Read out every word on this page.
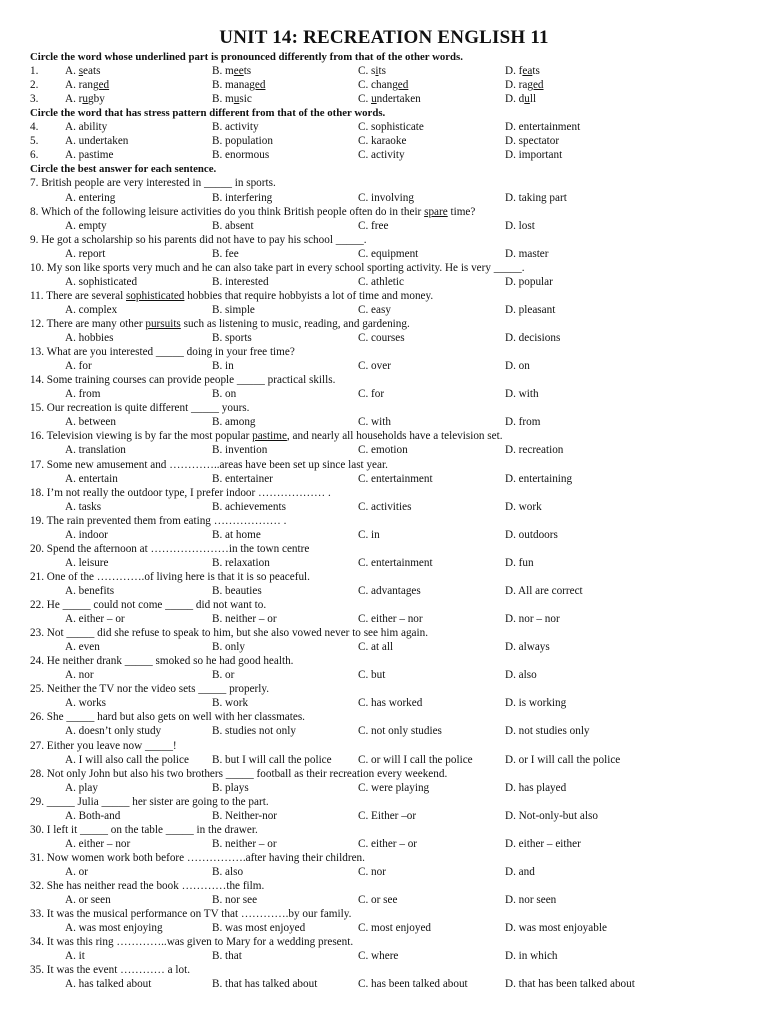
UNIT 14: RECREATION ENGLISH 11
Circle the word whose underlined part is pronounced differently from that of the other words.
1. A. seats	B. meets	C. sits	D. feats
2. A. ranged	B. managed	C. changed	D. raged
3. A. rugby	B. music	C. undertaken	D. dull
Circle the word that has stress pattern different from that of the other words.
4. A. ability	B. activity	C. sophisticate	D. entertainment
5. A. undertaken	B. population	C. karaoke	D. spectator
6. A. pastime	B. enormous	C. activity	D. important
Circle the best answer for each sentence.
7. British people are very interested in _____ in sports.
A. entering	B. interfering	C. involving	D. taking part
8. Which of the following leisure activities do you think British people often do in their spare time?
A. empty	B. absent	C. free	D. lost
9. He got a scholarship so his parents did not have to pay his school _____.
A. report	B. fee	C. equipment	D. master
10. My son like sports very much and he can also take part in every school sporting activity. He is very _____.
A. sophisticated	B. interested	C. athletic	D. popular
11. There are several sophisticated hobbies that require hobbyists a lot of time and money.
A. complex	B. simple	C. easy	D. pleasant
12. There are many other pursuits such as listening to music, reading, and gardening.
A. hobbies	B. sports	C. courses	D. decisions
13. What are you interested _____ doing in your free time?
A. for	B. in	C. over	D. on
14. Some training courses can provide people _____ practical skills.
A. from	B. on	C. for	D. with
15. Our recreation is quite different _____ yours.
A. between	B. among	C. with	D. from
16. Television viewing is by far the most popular pastime, and nearly all households have a television set.
A. translation	B. invention	C. emotion	D. recreation
17. Some new amusement and …………..areas have been set up since last year.
A. entertain	B. entertainer	C. entertainment	D. entertaining
18. I’m not really the outdoor type, I prefer indoor ……………… .
A. tasks	B. achievements	C. activities	D. work
19. The rain prevented them from eating ……………… .
A. indoor	B. at home	C. in	D. outdoors
20. Spend the afternoon at …………………in the town centre
A. leisure	B. relaxation	C. entertainment	D. fun
21. One of the ………….of living here is that it is so peaceful.
A. benefits	B. beauties	C. advantages	D. All are correct
22. He _____ could not come _____ did not want to.
A. either – or	B. neither – or	C. either – nor	D. nor – nor
23. Not _____ did she refuse to speak to him, but she also vowed never to see him again.
A. even	B. only	C. at all	D. always
24. He neither drank _____ smoked so he had good health.
A. nor	B. or	C. but	D. also
25. Neither the TV nor the video sets _____ properly.
A. works	B. work	C. has worked	D. is working
26. She _____ hard but also gets on well with her classmates.
A. doesn’t only study	B. studies not only	C. not only studies	D. not studies only
27. Either you leave now _____!
A. I will also call the police B. but I will call the police C. or will I call the police	D. or I will call the police
28. Not only John but also his two brothers _____ football as their recreation every weekend.
A. play	B. plays	C. were playing	D. has played
29. _____ Julia _____ her sister are going to the part.
A. Both-and	B. Neither-nor	C. Either –or	D. Not-only-but also
30. I left it _____ on the table _____ in the drawer.
A. either – nor	B. neither – or	C. either – or	D. either – either
31. Now women work both before …………….after having their children.
A. or	B. also	C. nor	D. and
32. She has neither read the book …………the film.
A. or seen	B. nor see	C. or see	D. nor seen
33. It was the musical performance on TV that ………….by our family.
A. was most enjoying	B. was most enjoyed	C. most enjoyed	D. was most enjoyable
34. It was this ring …………..was given to Mary for a wedding present.
A. it	B. that	C. where	D. in which
35. It was the event ………… a lot.
A. has talked about	B. that has talked about	C. has been talked about	D. that has been talked about
